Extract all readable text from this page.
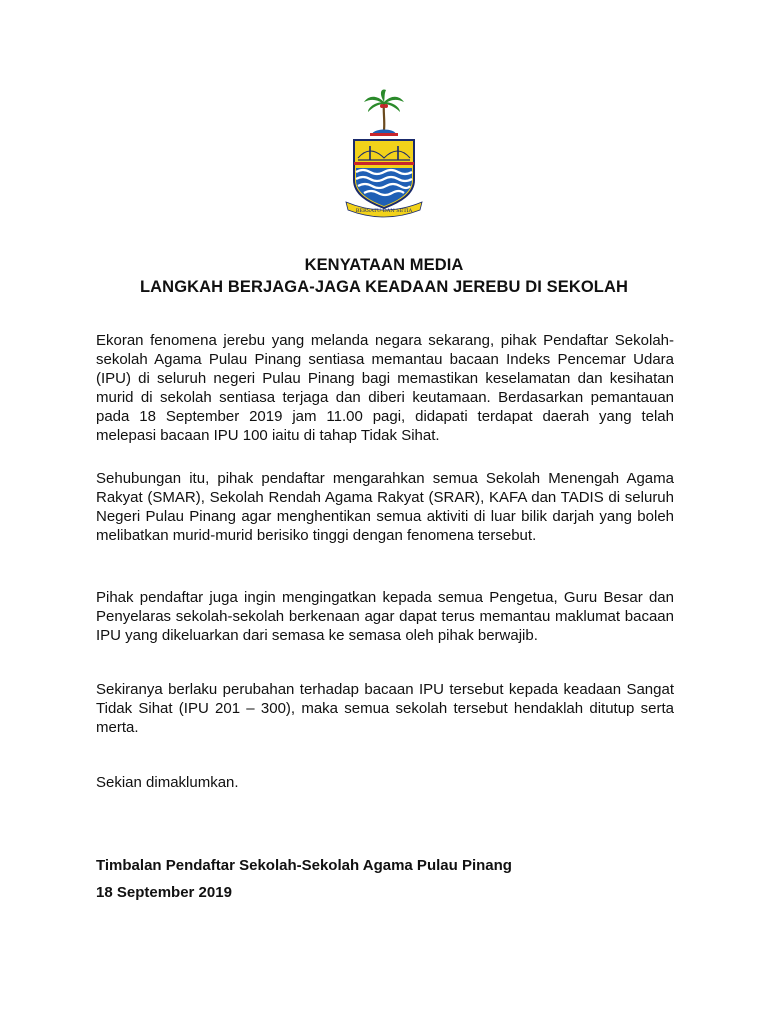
BERSATU DAN SETIA
KENYATAAN MEDIA
LANGKAH BERJAGA-JAGA KEADAAN JEREBU DI SEKOLAH

Ekoran fenomena jerebu yang melanda negara sekarang, pihak Pendaftar Sekolah-sekolah Agama Pulau Pinang sentiasa memantau bacaan Indeks Pencemar Udara (IPU) di seluruh negeri Pulau Pinang bagi memastikan keselamatan dan kesihatan murid di sekolah sentiasa terjaga dan diberi keutamaan. Berdasarkan pemantauan pada 18 September 2019 jam 11.00 pagi, didapati terdapat daerah yang telah melepasi bacaan IPU 100 iaitu di tahap Tidak Sihat.

Sehubungan itu, pihak pendaftar mengarahkan semua Sekolah Menengah Agama Rakyat (SMAR), Sekolah Rendah Agama Rakyat (SRAR), KAFA dan TADIS di seluruh Negeri Pulau Pinang agar menghentikan semua aktiviti di luar bilik darjah yang boleh melibatkan murid-murid berisiko tinggi dengan fenomena tersebut.

Pihak pendaftar juga ingin mengingatkan kepada semua Pengetua, Guru Besar dan Penyelaras sekolah-sekolah berkenaan agar dapat terus memantau maklumat bacaan IPU yang dikeluarkan dari semasa ke semasa oleh pihak berwajib.

Sekiranya berlaku perubahan terhadap bacaan IPU tersebut kepada keadaan Sangat Tidak Sihat (IPU 201 – 300), maka semua sekolah tersebut hendaklah ditutup serta merta.

Sekian dimaklumkan.

Timbalan Pendaftar Sekolah-Sekolah Agama Pulau Pinang
18 September 2019
